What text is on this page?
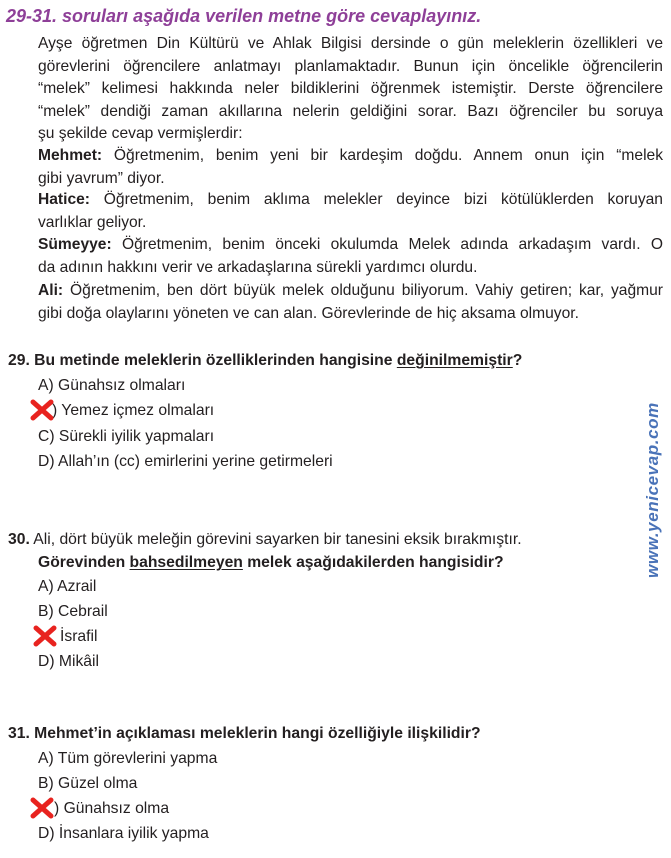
29-31. soruları aşağıda verilen metne göre cevaplayınız.
Ayşe öğretmen Din Kültürü ve Ahlak Bilgisi dersinde o gün meleklerin özellikleri ve
görevlerini öğrencilere anlatmayı planlamaktadır. Bunun için öncelikle öğrencilerin
“melek” kelimesi hakkında neler bildiklerini öğrenmek istemiştir. Derste öğrencilere
“melek” dendiği zaman akıllarına nelerin geldiğini sorar. Bazı öğrenciler bu soruya
şu şekilde cevap vermişlerdir:
Mehmet: Öğretmenim, benim yeni bir kardeşim doğdu. Annem onun için “melek
gibi yavrum” diyor.
Hatice: Öğretmenim, benim aklıma melekler deyince bizi kötülüklerden koruyan
varlıklar geliyor.
Sümeyye: Öğretmenim, benim önceki okulumda Melek adında arkadaşım vardı. O
da adının hakkını verir ve arkadaşlarına sürekli yardımcı olurdu.
Ali: Öğretmenim, ben dört büyük melek olduğunu biliyorum. Vahiy getiren; kar, yağmur
gibi doğa olaylarını yöneten ve can alan. Görevlerinde de hiç aksama olmuyor.
29. Bu metinde meleklerin özelliklerinden hangisine değinilmemiştir?
A) Günahsız olmaları
) Yemez içmez olmaları
C) Sürekli iyilik yapmaları
D) Allah’ın (cc) emirlerini yerine getirmeleri
30. Ali, dört büyük meleğin görevini sayarken bir tanesini eksik bırakmıştır.
Görevinden bahsedilmeyen melek aşağıdakilerden hangisidir?
A) Azrail
B) Cebrail
İsrafil
D) Mikâil
31. Mehmet’in açıklaması meleklerin hangi özelliğiyle ilişkilidir?
A) Tüm görevlerini yapma
B) Güzel olma
) Günahsız olma
D) İnsanlara iyilik yapma
www.yenicevap.com
